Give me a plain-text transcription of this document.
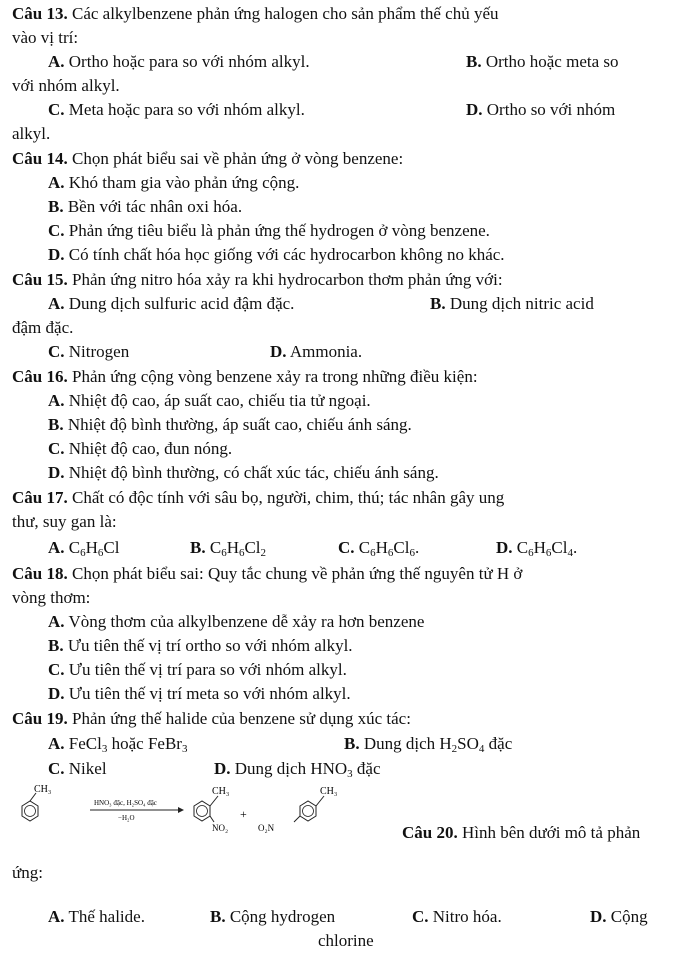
Câu 13. Các alkylbenzene phản ứng halogen cho sản phẩm thế chủ yếu
vào vị trí:
A. Ortho hoặc para so với nhóm alkyl.	B. Ortho hoặc meta so
với nhóm alkyl.
C. Meta hoặc para so với nhóm alkyl.	D. Ortho so với nhóm
alkyl.
Câu 14. Chọn phát biểu sai về phản ứng ở vòng benzene:
A. Khó tham gia vào phản ứng cộng.
B. Bền với tác nhân oxi hóa.
C. Phản ứng tiêu biểu là phản ứng thế hydrogen ở vòng benzene.
D. Có tính chất hóa học giống với các hydrocarbon không no khác.
Câu 15. Phản ứng nitro hóa xảy ra khi hydrocarbon thơm phản ứng với:
A. Dung dịch sulfuric acid đậm đặc.	B. Dung dịch nitric acid
đậm đặc.
C. Nitrogen	D. Ammonia.
Câu 16. Phản ứng cộng vòng benzene xảy ra trong những điều kiện:
A. Nhiệt độ cao, áp suất cao, chiếu tia tử ngoại.
B. Nhiệt độ bình thường, áp suất cao, chiếu ánh sáng.
C. Nhiệt độ cao, đun nóng.
D. Nhiệt độ bình thường, có chất xúc tác, chiếu ánh sáng.
Câu 17. Chất có độc tính với sâu bọ, người, chim, thú; tác nhân gây ung
thư, suy gan là:
A. $C_6H_6Cl$	B. $C_6H_6Cl_2$	C. $C_6H_6Cl_6$.	D. $C_6H_6Cl_4$.
Câu 18. Chọn phát biểu sai: Quy tắc chung về phản ứng thế nguyên tử H ở
vòng thơm:
A. Vòng thơm của alkylbenzene dễ xảy ra hơn benzene
B. Ưu tiên thế vị trí ortho so với nhóm alkyl.
C. Ưu tiên thế vị trí para so với nhóm alkyl.
D. Ưu tiên thế vị trí meta so với nhóm alkyl.
Câu 19. Phản ứng thế halide của benzene sử dụng xúc tác:
A. FeCl$_3$ hoặc FeBr$_3$	B. Dung dịch $H_2SO_4$ đặc
C. Nikel	D. Dung dịch $HNO_3$ đặc
CH₃
HNO₃ đặc, H₂SO₄ đặc
−H₂O
CH₃
NO₂
+
CH₃
O₂N	Câu 20. Hình bên dưới mô tả phản
ứng:
A. Thế halide.	B. Cộng hydrogen	C. Nitro hóa.	D. Cộng
chlorine
